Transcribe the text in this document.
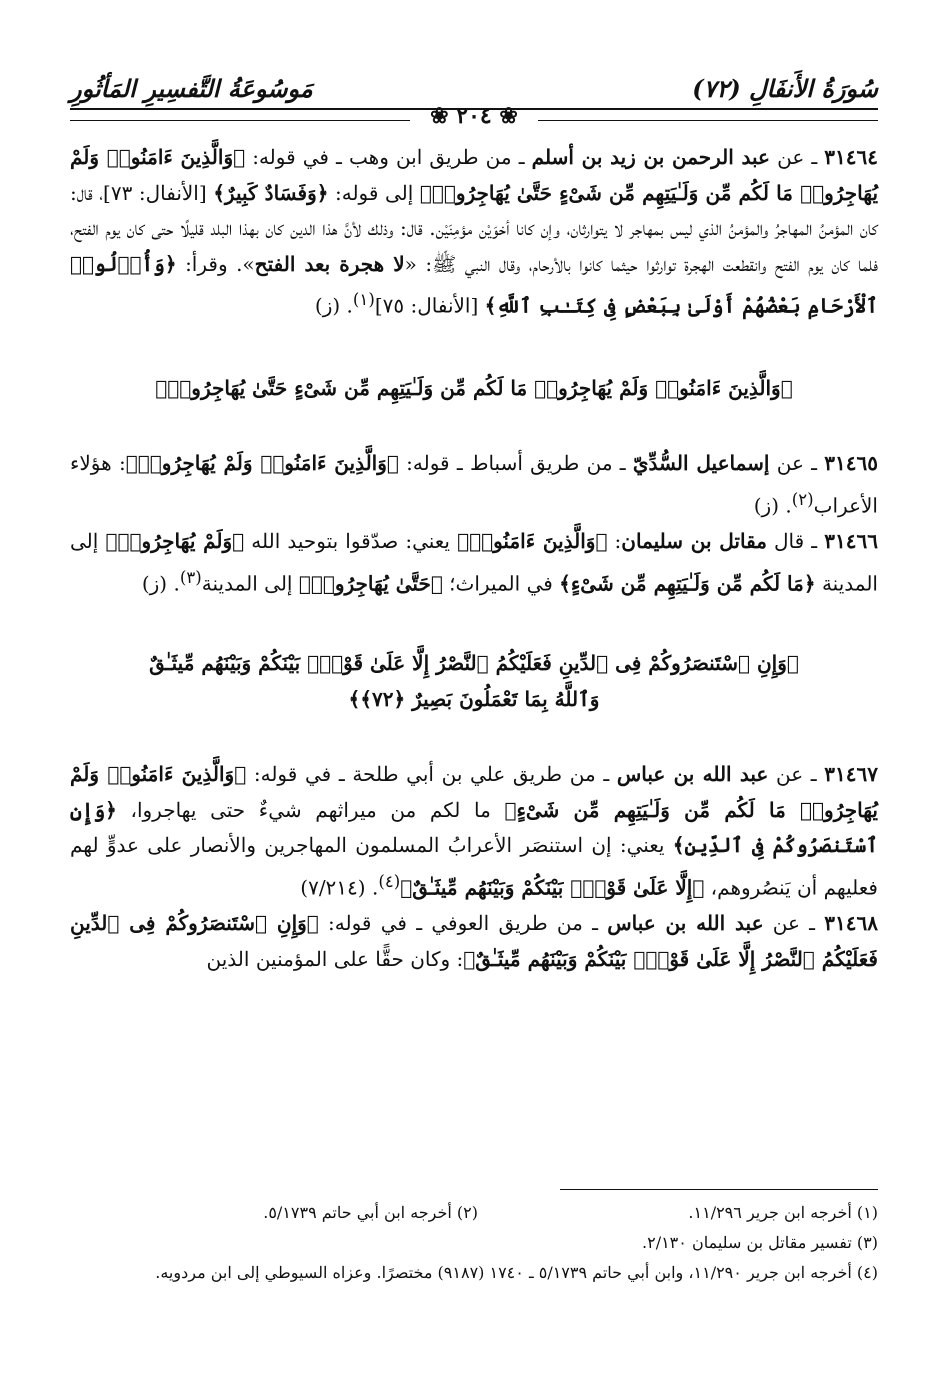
سُورَةُ الأَنفَالِ (٧٢)
مَوسُوعَةُ التَّفسِيرِ المَأثُورِ
❀ ٢٠٤ ❀

٣١٤٦٤ ـ عن عبد الرحمن بن زيد بن أسلم ـ من طريق ابن وهب ـ في قوله: ﴿وَالَّذِينَ ءَامَنُوا۟ وَلَمْ يُهَاجِرُوا۟ مَا لَكُم مِّن وَلَـٰيَتِهِم مِّن شَىْءٍ حَتَّىٰ يُهَاجِرُوا۟﴾ إلى قوله: ﴿وَفَسَادٌ كَبِيرٌ﴾ [الأنفال: ٧٣]، قال: كان المؤمنُ المهاجرُ والمؤمنُ الذي ليس بمهاجر لا يتوارثان، وإن كانا أخوَيْن مؤمِنَيْن. قال: وذلك لأنَّ هذا الدين كان بهذا البلد قليلًا حتى كان يوم الفتح، فلما كان يوم الفتح وانقطعت الهجرة توارثوا حيثما كانوا بالأرحام، وقال النبي ﷺ: «لا هجرة بعد الفتح». وقرأ: ﴿وَأُو۟لُوا۟ ٱلْأَرْحَامِ بَعْضُهُمْ أَوْلَىٰ بِبَعْضٍ فِى كِتَـٰبِ ٱللَّهِ﴾ [الأنفال: ٧٥]$^{(١)}$. (ز)

﴿وَالَّذِينَ ءَامَنُوا۟ وَلَمْ يُهَاجِرُوا۟ مَا لَكُم مِّن وَلَـٰيَتِهِم مِّن شَىْءٍ حَتَّىٰ يُهَاجِرُوا۟﴾

٣١٤٦٥ ـ عن إسماعيل السُّدِّيّ ـ من طريق أسباط ـ قوله: ﴿وَالَّذِينَ ءَامَنُوا۟ وَلَمْ يُهَاجِرُوا۟﴾: هؤلاء الأعراب$^{(٢)}$. (ز)

٣١٤٦٦ ـ قال مقاتل بن سليمان: ﴿وَالَّذِينَ ءَامَنُوا۟﴾ يعني: صدّقوا بتوحيد الله ﴿وَلَمْ يُهَاجِرُوا۟﴾ إلى المدينة ﴿مَا لَكُم مِّن وَلَـٰيَتِهِم مِّن شَىْءٍ﴾ في الميراث؛ ﴿حَتَّىٰ يُهَاجِرُوا۟﴾ إلى المدينة$^{(٣)}$. (ز)

﴿وَإِنِ ٱسْتَنصَرُوكُمْ فِى ٱلدِّينِ فَعَلَيْكُمُ ٱلنَّصْرُ إِلَّا عَلَىٰ قَوْمٍۭ بَيْنَكُمْ وَبَيْنَهُم مِّيثَـٰقٌ

وَٱللَّهُ بِمَا تَعْمَلُونَ بَصِيرٌ ﴿٧٢﴾﴾

٣١٤٦٧ ـ عن عبد الله بن عباس ـ من طريق علي بن أبي طلحة ـ في قوله: ﴿وَالَّذِينَ ءَامَنُوا۟ وَلَمْ يُهَاجِرُوا۟ مَا لَكُم مِّن وَلَـٰيَتِهِم مِّن شَىْءٍ﴾ ما لكم من ميراثهم شيءٌ حتى يهاجروا، ﴿وَإِنِ ٱسْتَنصَرُوكُمْ فِى ٱلدِّينِ﴾ يعني: إن استنصَر الأعرابُ المسلمون المهاجرين والأنصار على عدوٍّ لهم فعليهم أن يَنصُروهم، ﴿إِلَّا عَلَىٰ قَوْمٍۭ بَيْنَكُمْ وَبَيْنَهُم مِّيثَـٰقٌ﴾$^{(٤)}$. (٧/٢١٤)

٣١٤٦٨ ـ عن عبد الله بن عباس ـ من طريق العوفي ـ في قوله: ﴿وَإِنِ ٱسْتَنصَرُوكُمْ فِى ٱلدِّينِ فَعَلَيْكُمُ ٱلنَّصْرُ إِلَّا عَلَىٰ قَوْمٍۭ بَيْنَكُمْ وَبَيْنَهُم مِّيثَـٰقٌ﴾: وكان حقًّا على المؤمنين الذين

(١) أخرجه ابن جرير ١١/٢٩٦.
(٢) أخرجه ابن أبي حاتم ٥/١٧٣٩.

(٣) تفسير مقاتل بن سليمان ٢/١٣٠.

(٤) أخرجه ابن جرير ١١/٢٩٠، وابن أبي حاتم ٥/١٧٣٩ ـ ١٧٤٠ (٩١٨٧) مختصرًا. وعزاه السيوطي إلى ابن مردويه.
